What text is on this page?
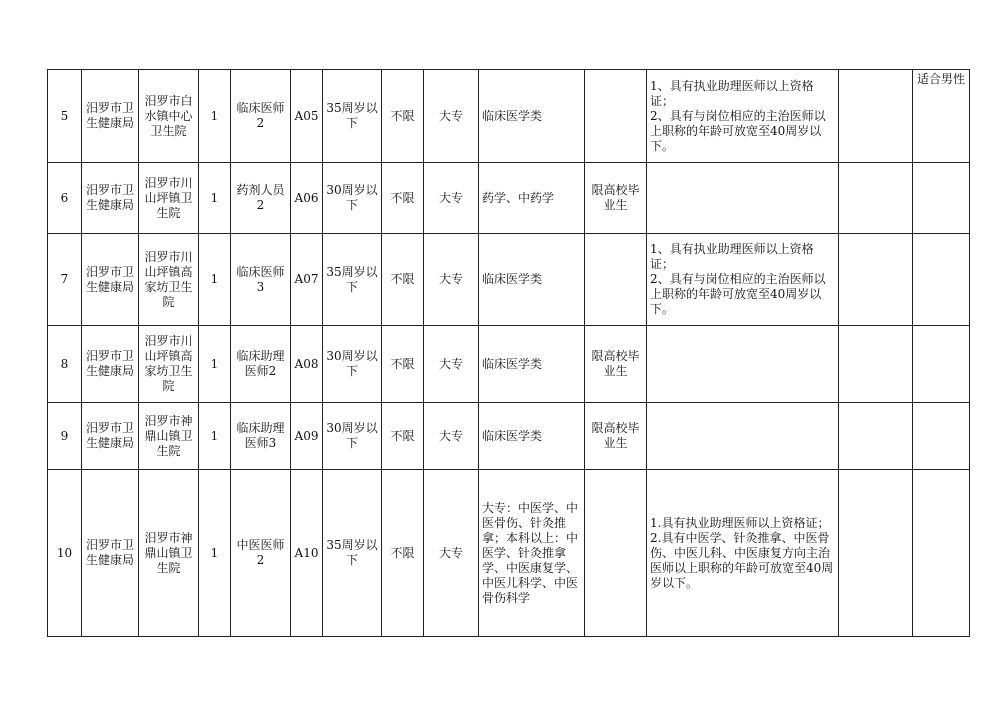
5	汨罗市卫生健康局	汨罗市白水镇中心卫生院	1	临床医师2	A05	35周岁以下	不限	大专	临床医学类		1、具有执业助理医师以上资格证；
2、具有与岗位相应的主治医师以上职称的年龄可放宽至40周岁以下。		适合男性
6	汨罗市卫生健康局	汨罗市川山坪镇卫生院	1	药剂人员2	A06	30周岁以下	不限	大专	药学、中药学	限高校毕业生			
7	汨罗市卫生健康局	汨罗市川山坪镇高家坊卫生院	1	临床医师3	A07	35周岁以下	不限	大专	临床医学类		1、具有执业助理医师以上资格证；
2、具有与岗位相应的主治医师以上职称的年龄可放宽至40周岁以下。		

8	汨罗市卫生健康局	汨罗市川山坪镇高家坊卫生院	1	临床助理医师2	A08	30周岁以下	不限	大专	临床医学类	限高校毕业生			
9	汨罗市卫生健康局	汨罗市神鼎山镇卫生院	1	临床助理医师3	A09	30周岁以下	不限	大专	临床医学类	限高校毕业生			
10	汨罗市卫生健康局	汨罗市神鼎山镇卫生院	1	中医医师2	A10	35周岁以下	不限	大专	大专：中医学、中医骨伤、针灸推拿；本科以上：中医学、针灸推拿学、中医康复学、中医儿科学、中医骨伤科学		1.具有执业助理医师以上资格证；
2.具有中医学、针灸推拿、中医骨伤、中医儿科、中医康复方向主治医师以上职称的年龄可放宽至40周岁以下。		
